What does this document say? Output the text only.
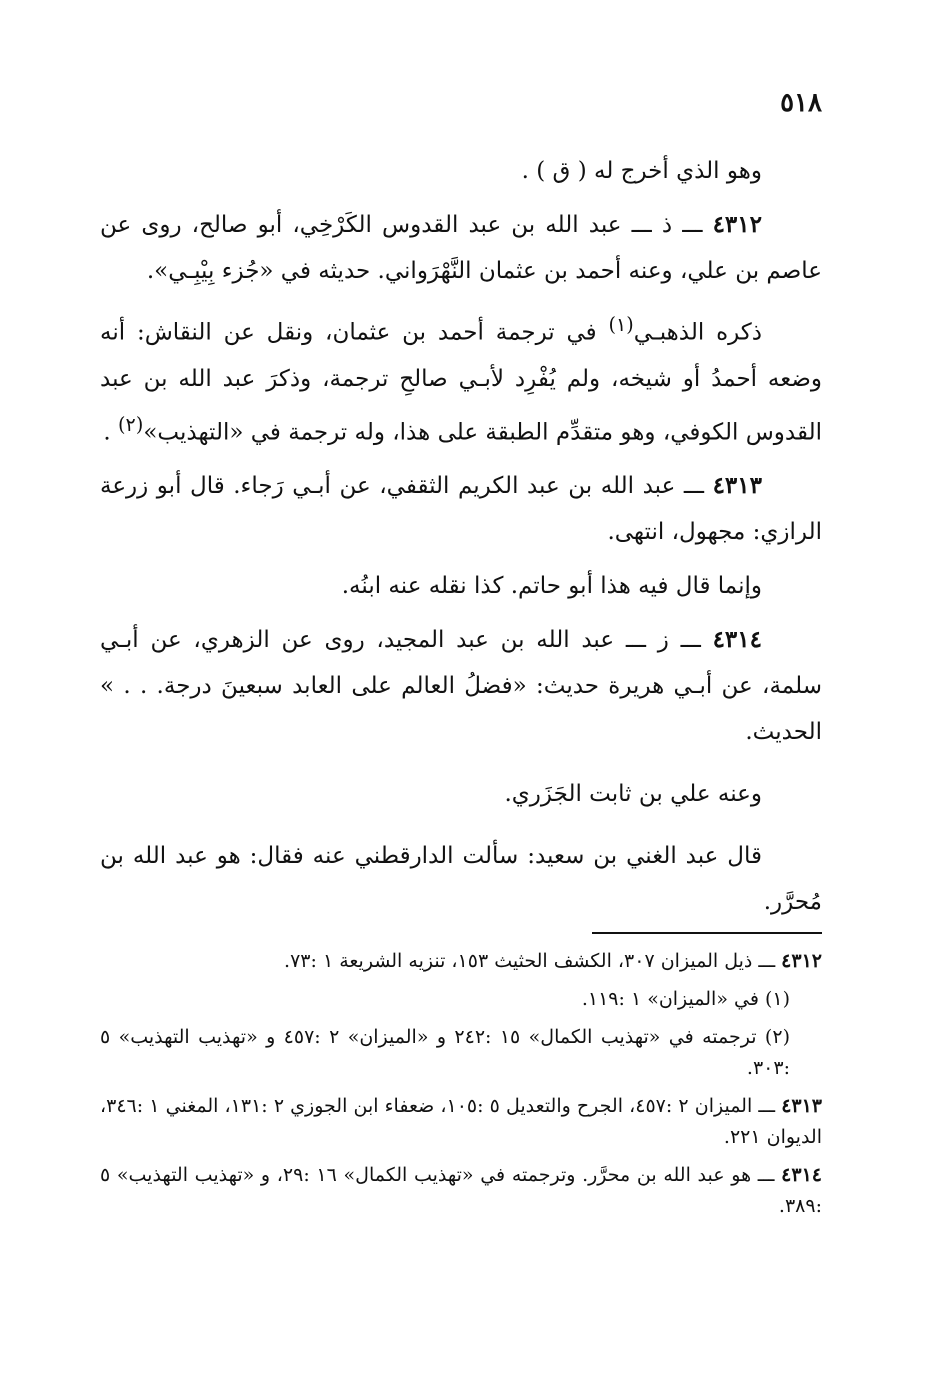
٥١٨

وهو الذي أخرج له ( ق ) .

٤٣١٢ ـــ ذ ـــ عبد الله بن عبد القدوس الكَرْخِي، أبو صالح، روى عن عاصم بن علي، وعنه أحمد بن عثمان النَّهْرَواني. حديثه في «جُزء بِيْبِـي».

ذكره الذهبـي$^{(١)}$ في ترجمة أحمد بن عثمان، ونقل عن النقاش: أنه وضعه أحمدُ أو شيخه، ولم يُفْرِد لأبـي صالحِ ترجمة، وذكرَ عبد الله بن عبد القدوس الكوفي، وهو متقدِّم الطبقة على هذا، وله ترجمة في «التهذيب»$^{(٢)}$ .

٤٣١٣ ـــ عبد الله بن عبد الكريم الثقفي، عن أبـي رَجاء. قال أبو زرعة الرازي: مجهول، انتهى.

وإنما قال فيه هذا أبو حاتم. كذا نقله عنه ابنُه.

٤٣١٤ ـــ ز ـــ عبد الله بن عبد المجيد، روى عن الزهري، عن أبـي سلمة، عن أبـي هريرة حديث: «فضلُ العالم على العابد سبعينَ درجة. . . » الحديث.

وعنه علي بن ثابت الجَزَري.

قال عبد الغني بن سعيد: سألت الدارقطني عنه فقال: هو عبد الله بن مُحرَّر.

٤٣١٢ ـــ ذيل الميزان ٣٠٧، الكشف الحثيث ١٥٣، تنزيه الشريعة ١ :٧٣.

(١) في «الميزان» ١ :١١٩.

(٢) ترجمته في «تهذيب الكمال» ١٥ :٢٤٢ و «الميزان» ٢ :٤٥٧ و «تهذيب التهذيب» ٥ :٣٠٣.

٤٣١٣ ـــ الميزان ٢ :٤٥٧، الجرح والتعديل ٥ :١٠٥، ضعفاء ابن الجوزي ٢ :١٣١، المغني ١ :٣٤٦، الديوان ٢٢١.

٤٣١٤ ـــ هو عبد الله بن محرَّر. وترجمته في «تهذيب الكمال» ١٦ :٢٩، و «تهذيب التهذيب» ٥ :٣٨٩.
